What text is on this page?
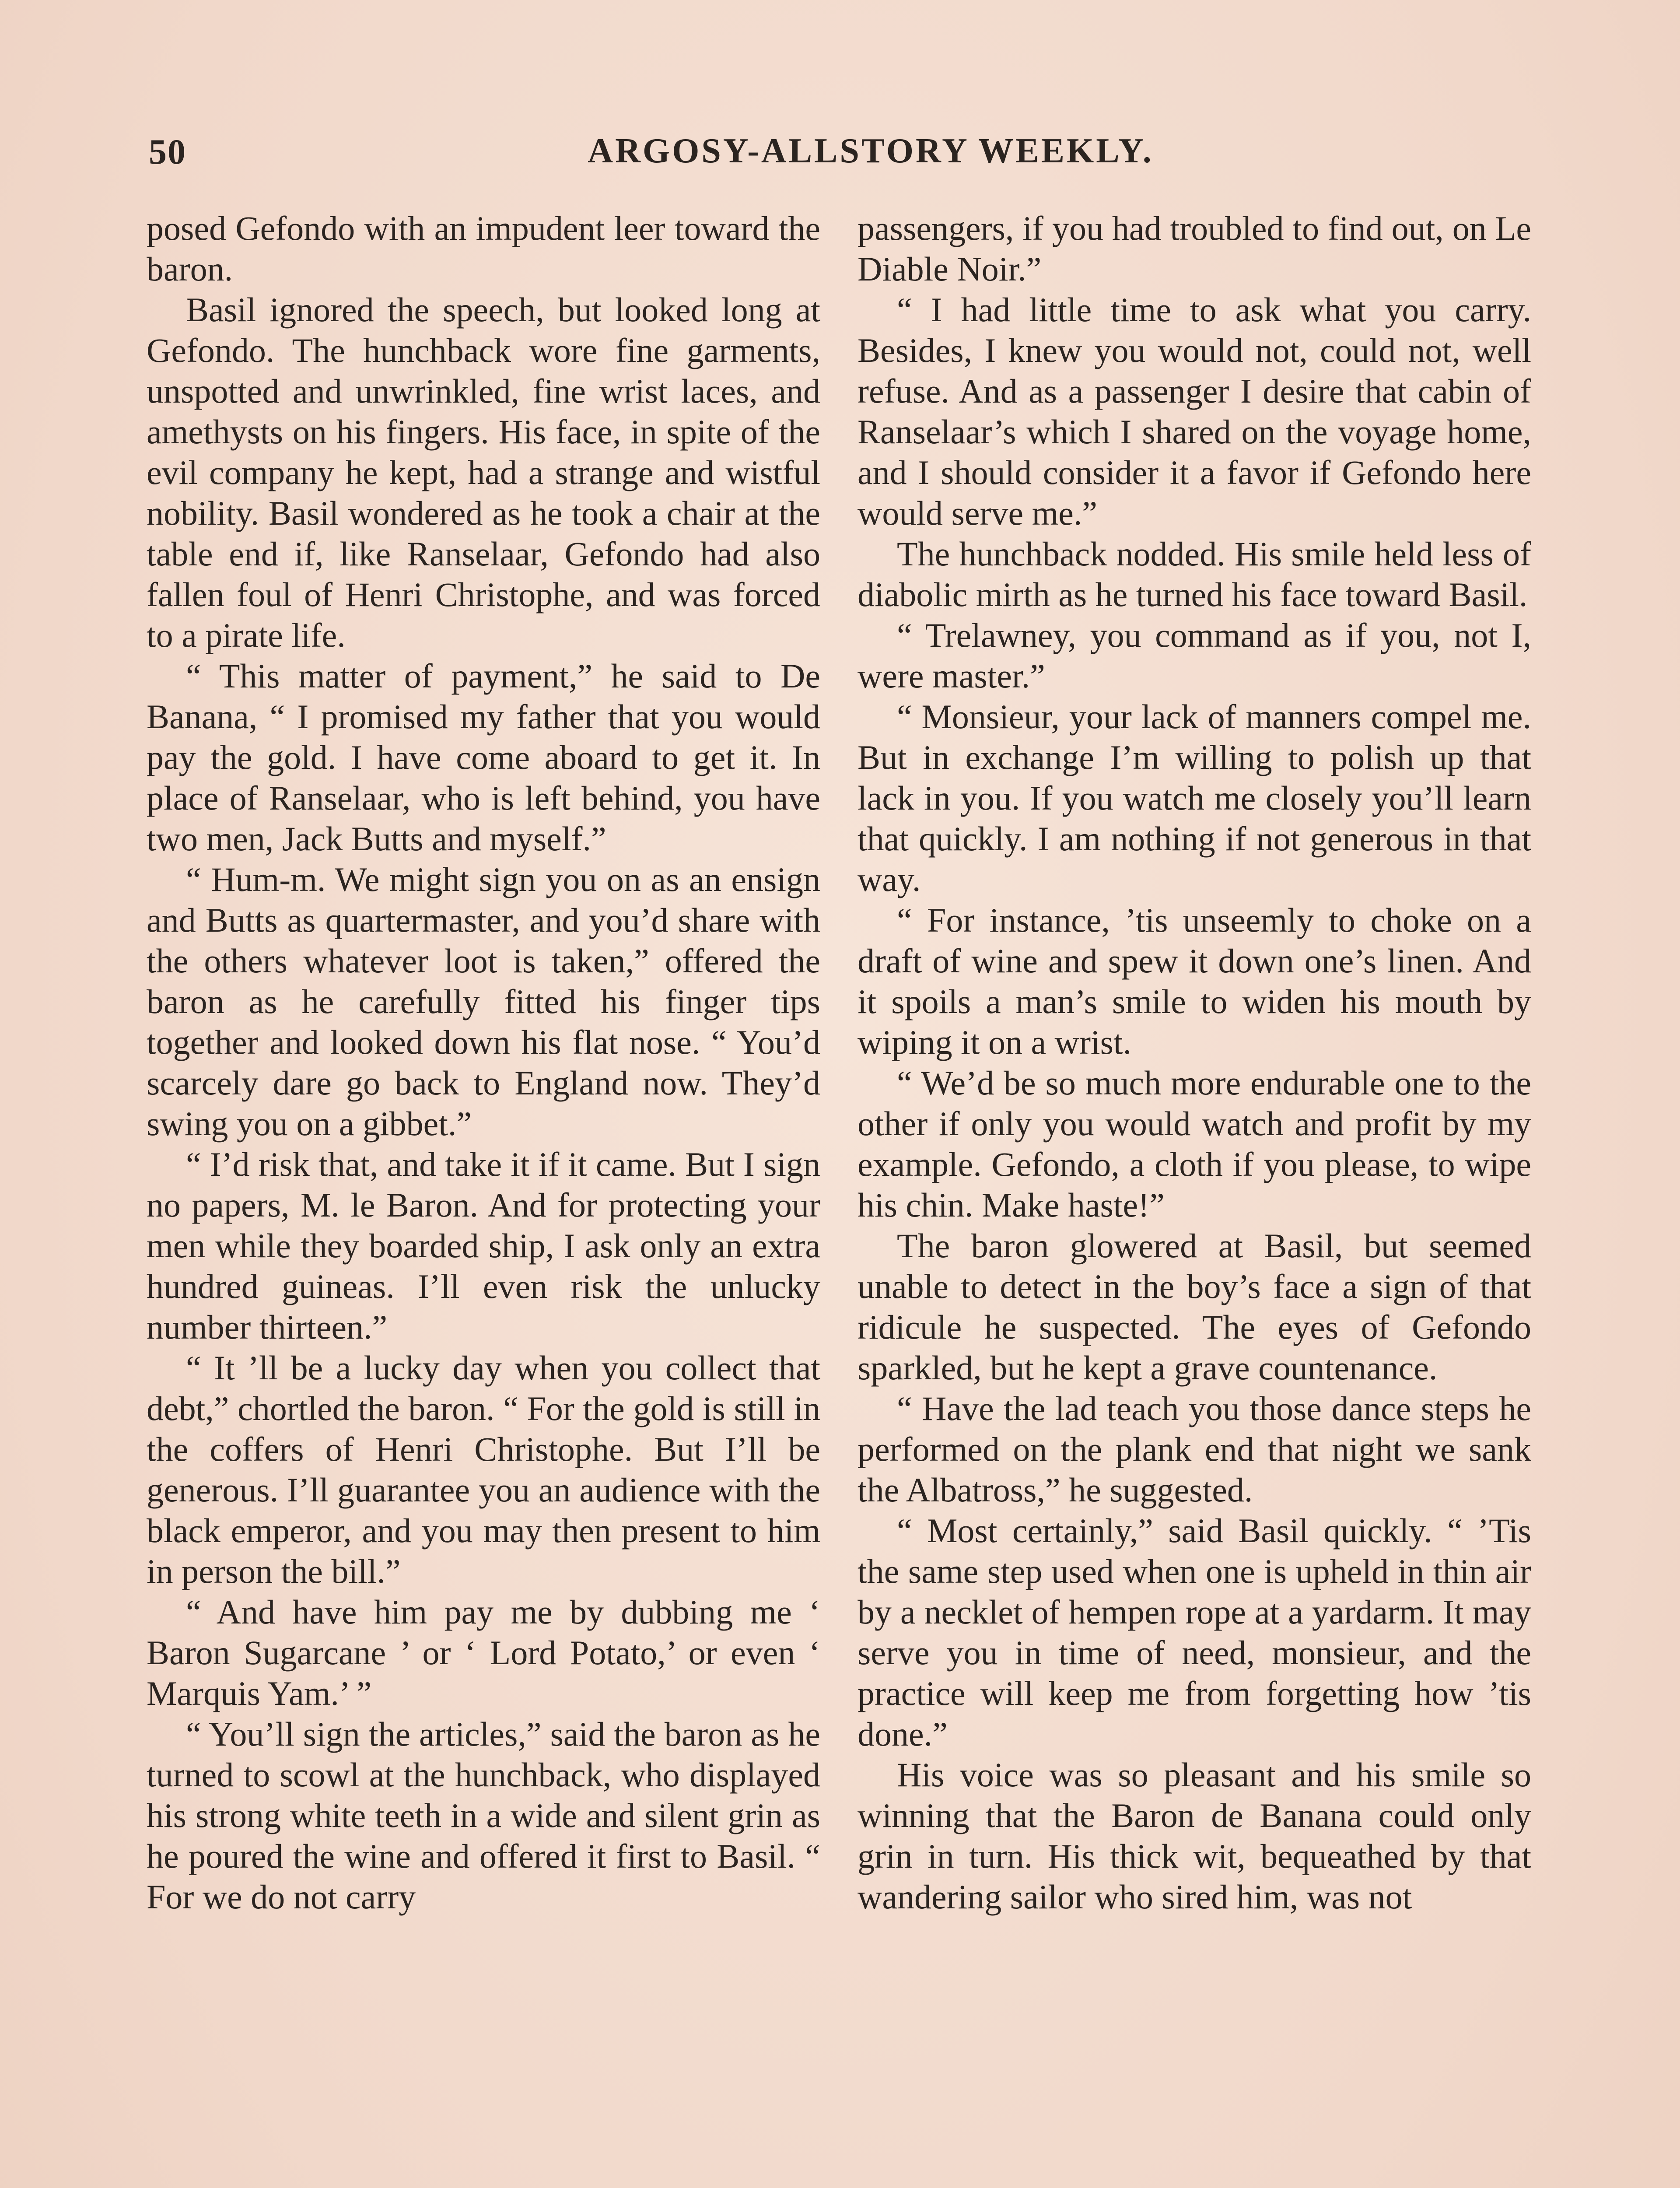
50	ARGOSY-ALLSTORY WEEKLY.

posed Gefondo with an impudent leer toward the baron.

Basil ignored the speech, but looked long at Gefondo. The hunchback wore fine garments, unspotted and unwrinkled, fine wrist laces, and amethysts on his fingers. His face, in spite of the evil company he kept, had a strange and wistful nobility. Basil wondered as he took a chair at the table end if, like Ranselaar, Gefondo had also fallen foul of Henri Christophe, and was forced to a pirate life.

“ This matter of payment,” he said to De Banana, “ I promised my father that you would pay the gold. I have come aboard to get it. In place of Ranselaar, who is left behind, you have two men, Jack Butts and myself.”

“ Hum-m. We might sign you on as an ensign and Butts as quartermaster, and you’d share with the others whatever loot is taken,” offered the baron as he carefully fitted his finger tips together and looked down his flat nose. “ You’d scarcely dare go back to England now. They’d swing you on a gibbet.”

“ I’d risk that, and take it if it came. But I sign no papers, M. le Baron. And for protecting your men while they boarded ship, I ask only an extra hundred guineas. I’ll even risk the unlucky number thirteen.”

“ It ’ll be a lucky day when you collect that debt,” chortled the baron. “ For the gold is still in the coffers of Henri Christophe. But I’ll be generous. I’ll guarantee you an audience with the black emperor, and you may then present to him in person the bill.”

“ And have him pay me by dubbing me ‘ Baron Sugarcane ’ or ‘ Lord Potato,’ or even ‘ Marquis Yam.’ ”

“ You’ll sign the articles,” said the baron as he turned to scowl at the hunchback, who displayed his strong white teeth in a wide and silent grin as he poured the wine and offered it first to Basil. “ For we do not carry

passengers, if you had troubled to find out, on Le Diable Noir.”

“ I had little time to ask what you carry. Besides, I knew you would not, could not, well refuse. And as a passenger I desire that cabin of Ranselaar’s which I shared on the voyage home, and I should consider it a favor if Gefondo here would serve me.”

The hunchback nodded. His smile held less of diabolic mirth as he turned his face toward Basil.

“ Trelawney, you command as if you, not I, were master.”

“ Monsieur, your lack of manners compel me. But in exchange I’m willing to polish up that lack in you. If you watch me closely you’ll learn that quickly. I am nothing if not generous in that way.

“ For instance, ’tis unseemly to choke on a draft of wine and spew it down one’s linen. And it spoils a man’s smile to widen his mouth by wiping it on a wrist.

“ We’d be so much more endurable one to the other if only you would watch and profit by my example. Gefondo, a cloth if you please, to wipe his chin. Make haste!”

The baron glowered at Basil, but seemed unable to detect in the boy’s face a sign of that ridicule he suspected. The eyes of Gefondo sparkled, but he kept a grave countenance.

“ Have the lad teach you those dance steps he performed on the plank end that night we sank the Albatross,” he suggested.

“ Most certainly,” said Basil quickly. “ ’Tis the same step used when one is upheld in thin air by a necklet of hempen rope at a yardarm. It may serve you in time of need, monsieur, and the practice will keep me from forgetting how ’tis done.”

His voice was so pleasant and his smile so winning that the Baron de Banana could only grin in turn. His thick wit, bequeathed by that wandering sailor who sired him, was not
